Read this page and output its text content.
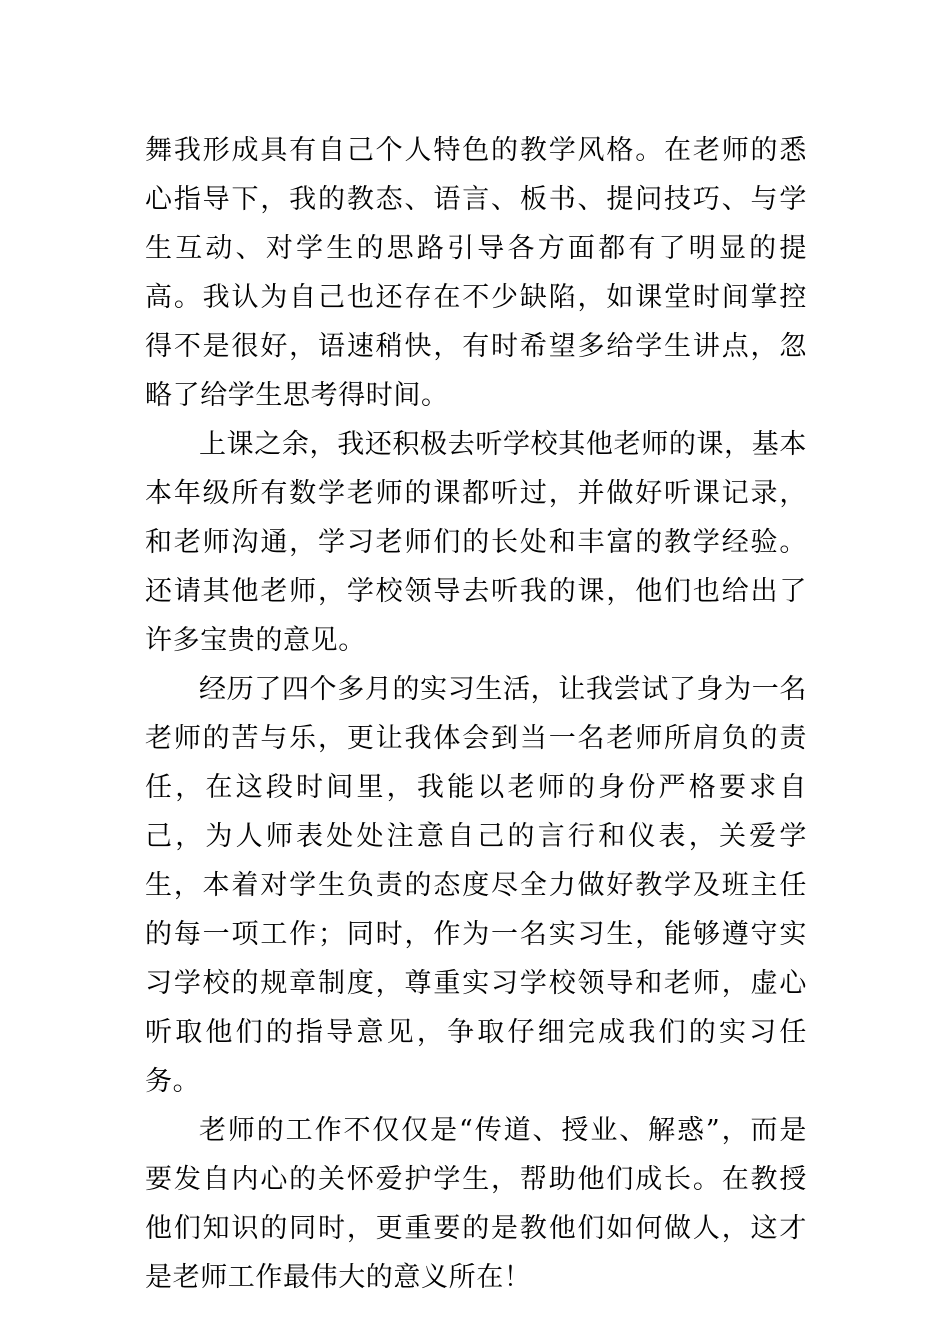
舞我形成具有自己个人特色的教学风格。在老师的悉心指导下，我的教态、语言、板书、提问技巧、与学生互动、对学生的思路引导各方面都有了明显的提高。我认为自己也还存在不少缺陷，如课堂时间掌控得不是很好，语速稍快，有时希望多给学生讲点，忽略了给学生思考得时间。

上课之余，我还积极去听学校其他老师的课，基本本年级所有数学老师的课都听过，并做好听课记录，和老师沟通，学习老师们的长处和丰富的教学经验。还请其他老师，学校领导去听我的课，他们也给出了许多宝贵的意见。

经历了四个多月的实习生活，让我尝试了身为一名老师的苦与乐，更让我体会到当一名老师所肩负的责任，在这段时间里，我能以老师的身份严格要求自己，为人师表处处注意自己的言行和仪表，关爱学生，本着对学生负责的态度尽全力做好教学及班主任的每一项工作；同时，作为一名实习生，能够遵守实习学校的规章制度，尊重实习学校领导和老师，虚心听取他们的指导意见，争取仔细完成我们的实习任务。

老师的工作不仅仅是“传道、授业、解惑”，而是要发自内心的关怀爱护学生，帮助他们成长。在教授他们知识的同时，更重要的是教他们如何做人，这才是老师工作最伟大的意义所在！
